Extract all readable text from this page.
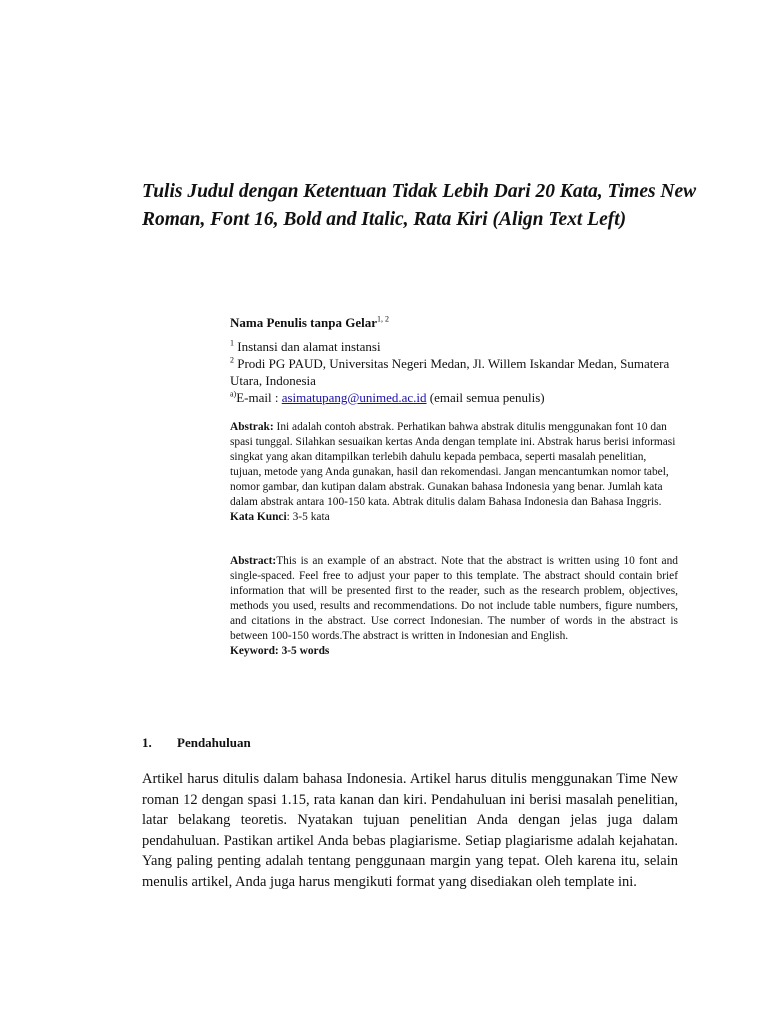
Tulis Judul dengan Ketentuan Tidak Lebih Dari 20 Kata, Times New Roman, Font 16, Bold and Italic, Rata Kiri (Align Text Left)

Nama Penulis tanpa Gelar$^{1, 2}$

$^1$ Instansi dan alamat instansi

$^2$ Prodi PG PAUD, Universitas Negeri Medan, Jl. Willem Iskandar Medan, Sumatera Utara, Indonesia

$^{a)}$E-mail : asimatupang@unimed.ac.id (email semua penulis)

Abstrak: Ini adalah contoh abstrak. Perhatikan bahwa abstrak ditulis menggunakan font 10 dan spasi tunggal. Silahkan sesuaikan kertas Anda dengan template ini. Abstrak harus berisi informasi singkat yang akan ditampilkan terlebih dahulu kepada pembaca, seperti masalah penelitian, tujuan, metode yang Anda gunakan, hasil dan rekomendasi. Jangan mencantumkan nomor tabel, nomor gambar, dan kutipan dalam abstrak. Gunakan bahasa Indonesia yang benar. Jumlah kata dalam abstrak antara 100-150 kata. Abtrak ditulis dalam Bahasa Indonesia dan Bahasa Inggris.

Kata Kunci: 3-5 kata

Abstract:This is an example of an abstract. Note that the abstract is written using 10 font and single-spaced. Feel free to adjust your paper to this template. The abstract should contain brief information that will be presented first to the reader, such as the research problem, objectives, methods you used, results and recommendations. Do not include table numbers, figure numbers, and citations in the abstract. Use correct Indonesian. The number of words in the abstract is between 100-150 words.The abstract is written in Indonesian and English.

Keyword: 3-5 words

1. Pendahuluan

Artikel harus ditulis dalam bahasa Indonesia. Artikel harus ditulis menggunakan Time New roman 12 dengan spasi 1.15, rata kanan dan kiri. Pendahuluan ini berisi masalah penelitian, latar belakang teoretis. Nyatakan tujuan penelitian Anda dengan jelas juga dalam pendahuluan. Pastikan artikel Anda bebas plagiarisme. Setiap plagiarisme adalah kejahatan. Yang paling penting adalah tentang penggunaan margin yang tepat. Oleh karena itu, selain menulis artikel, Anda juga harus mengikuti format yang disediakan oleh template ini.
